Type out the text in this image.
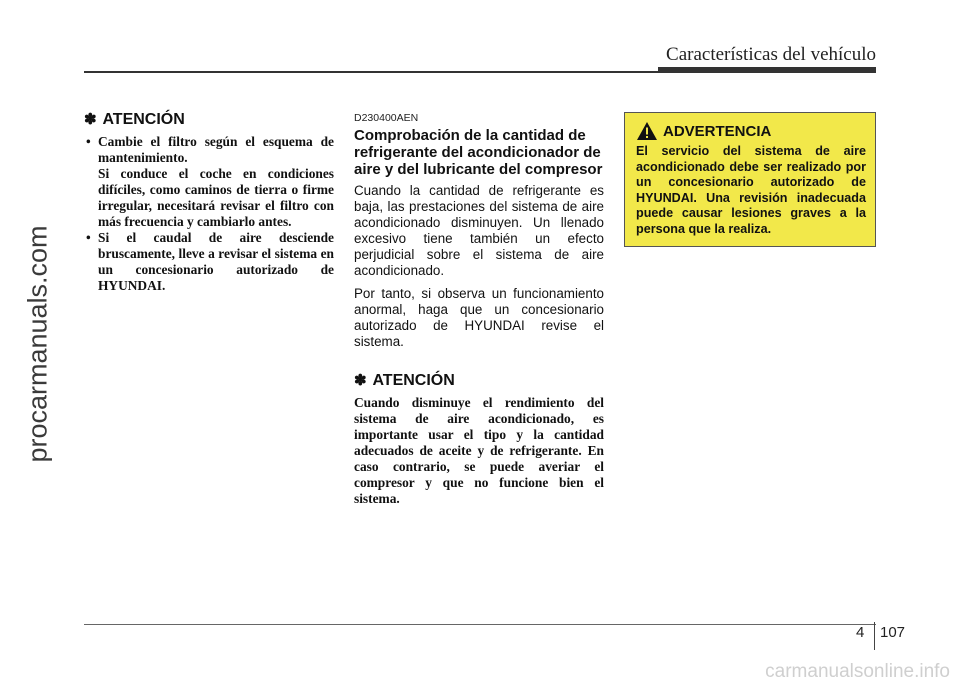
Características del vehículo
procarmanuals.com
✽ ATENCIÓN

• Cambie el filtro según el esquema de mantenimiento.

Si conduce el coche en condiciones difíciles, como caminos de tierra o firme irregular, necesitará revisar el filtro con más frecuencia y cambiarlo antes.

• Si el caudal de aire desciende bruscamente, lleve a revisar el sistema en un concesionario autorizado de HYUNDAI.

D230400AEN
Comprobación de la cantidad de refrigerante del acondicionador de aire y del lubricante del compresor

Cuando la cantidad de refrigerante es baja, las prestaciones del sistema de aire acondicionado disminuyen. Un llenado excesivo tiene también un efecto perjudicial sobre el sistema de aire acondicionado.

Por tanto, si observa un funcionamiento anormal, haga que un concesionario autorizado de HYUNDAI revise el sistema.

✽ ATENCIÓN

Cuando disminuye el rendimiento del sistema de aire acondicionado, es importante usar el tipo y la cantidad adecuados de aceite y de refrigerante. En caso contrario, se puede averiar el compresor y que no funcione bien el sistema.

ADVERTENCIA

El servicio del sistema de aire acondicionado debe ser realizado por un concesionario autorizado de HYUNDAI. Una revisión inadecuada puede causar lesiones graves a la persona que la realiza.

4 107
carmanualsonline.info
